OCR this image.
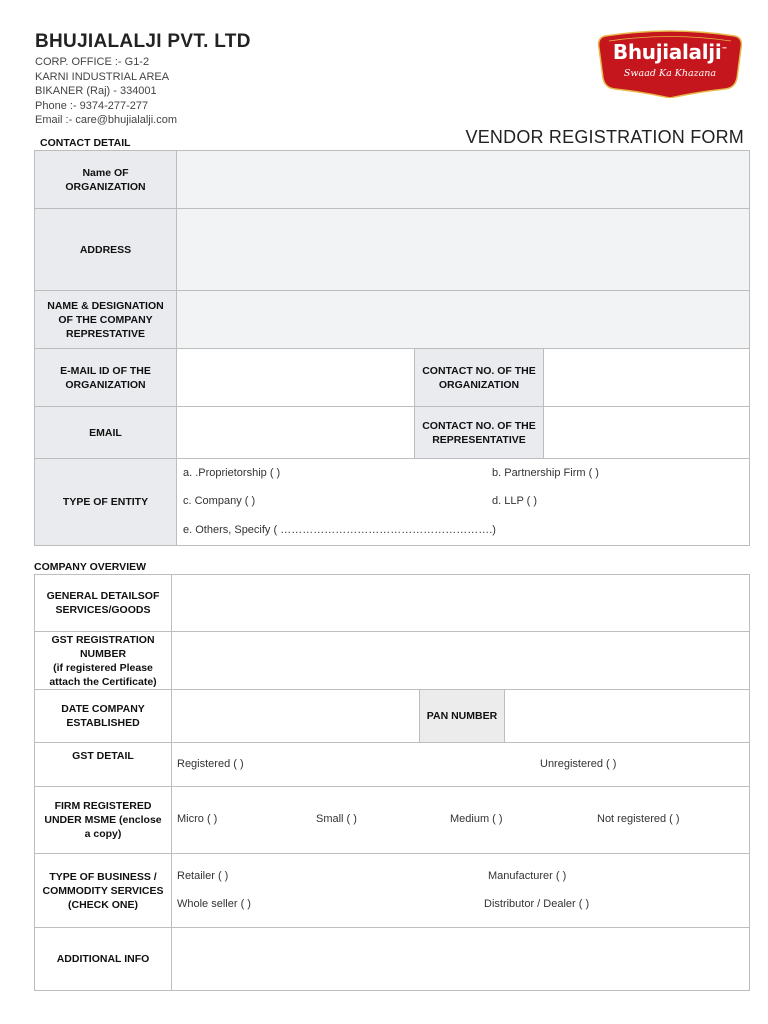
BHUJIALALJI PVT. LTD
CORP. OFFICE :- G1-2
KARNI INDUSTRIAL AREA
BIKANER (Raj) - 334001
Phone :- 9374-277-277
Email :- care@bhujialalji.com
Bhujialalji™
Swaad Ka Khazana
VENDOR REGISTRATION FORM
CONTACT DETAIL
Name OF ORGANIZATION			
ADDRESS			
NAME & DESIGNATION OF THE COMPANY REPRESTATIVE			
E-MAIL ID OF THE ORGANIZATION		CONTACT NO. OF THE ORGANIZATION	
EMAIL		CONTACT NO. OF THE REPRESENTATIVE	
TYPE OF ENTITY	a. .Proprietorship ( ) b. Partnership Firm ( )
c. Company ( ) d. LLP ( )
e. Others, Specify ( ………………………………………………….)		
COMPANY OVERVIEW
GENERAL DETAILSOF SERVICES/GOODS			

GST REGISTRATION NUMBER
(if registered Please attach the Certificate)			

DATE COMPANY ESTABLISHED		PAN NUMBER	
GST DETAIL	Registered ( ) Unregistered ( )		

FIRM REGISTERED UNDER MSME (enclose a copy)	Micro ( ) Small ( ) Medium ( ) Not registered ( )		

TYPE OF BUSINESS / COMMODITY SERVICES (CHECK ONE)	Retailer ( ) Manufacturer ( )
Whole seller ( ) Distributor / Dealer ( )		

ADDITIONAL INFO			
